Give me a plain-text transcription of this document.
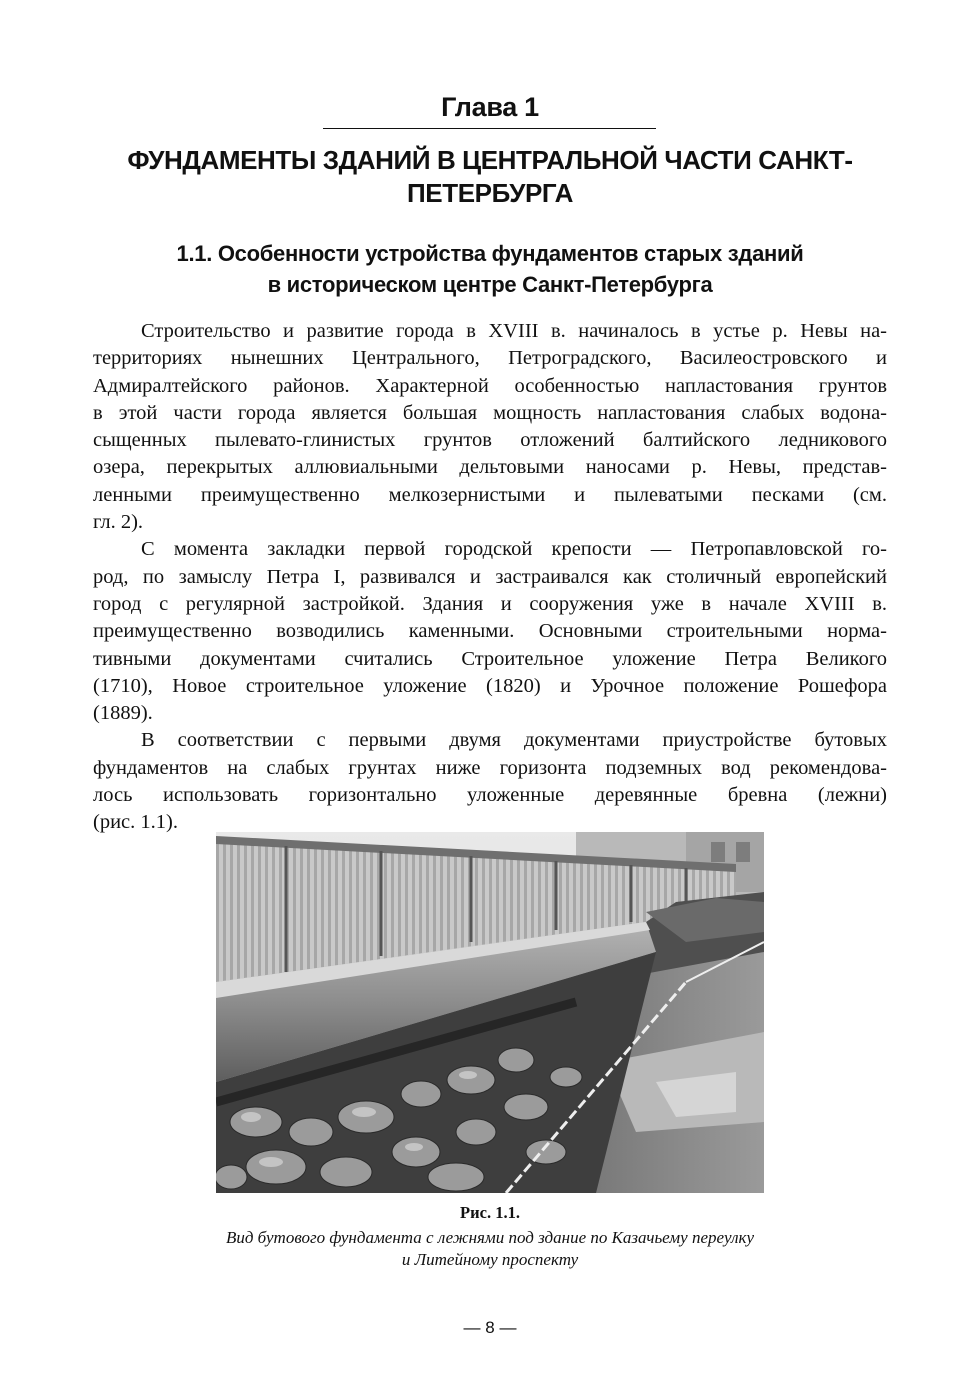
Глава 1
ФУНДАМЕНТЫ ЗДАНИЙ В ЦЕНТРАЛЬНОЙ ЧАСТИ САНКТ-
ПЕТЕРБУРГА
1.1. Особенности устройства фундаментов старых зданий
в историческом центре Санкт-Петербурга
Строительство и развитие города в XVIII в. начиналось в устье р. Невы на-
территориях нынешних Центрального, Петроградского, Василеостровского и
Адмиралтейского районов. Характерной особенностью напластования грунтов
в этой части города является большая мощность напластования слабых водона-
сыщенных пылевато-глинистых грунтов отложений балтийского ледникового
озера, перекрытых аллювиальными дельтовыми наносами р. Невы, представ-
ленными преимущественно мелкозернистыми и пылеватыми песками (см.
гл. 2).
С момента закладки первой городской крепости — Петропавловской го-
род, по замыслу Петра I, развивался и застраивался как столичный европейский
город с регулярной застройкой. Здания и сооружения уже в начале XVIII в.
преимущественно возводились каменными. Основными строительными норма-
тивными документами считались Строительное уложение Петра Великого
(1710), Новое строительное уложение (1820) и Урочное положение Рошефора
(1889).
В соответствии с первыми двумя документами приустройстве бутовых
фундаментов на слабых грунтах ниже горизонта подземных вод рекомендова-
лось использовать горизонтально уложенные деревянные бревна (лежни)
(рис. 1.1).
Рис. 1.1.
Вид бутового фундамента с лежнями под здание по Казачьему переулку
и Литейному проспекту
— 8 —
